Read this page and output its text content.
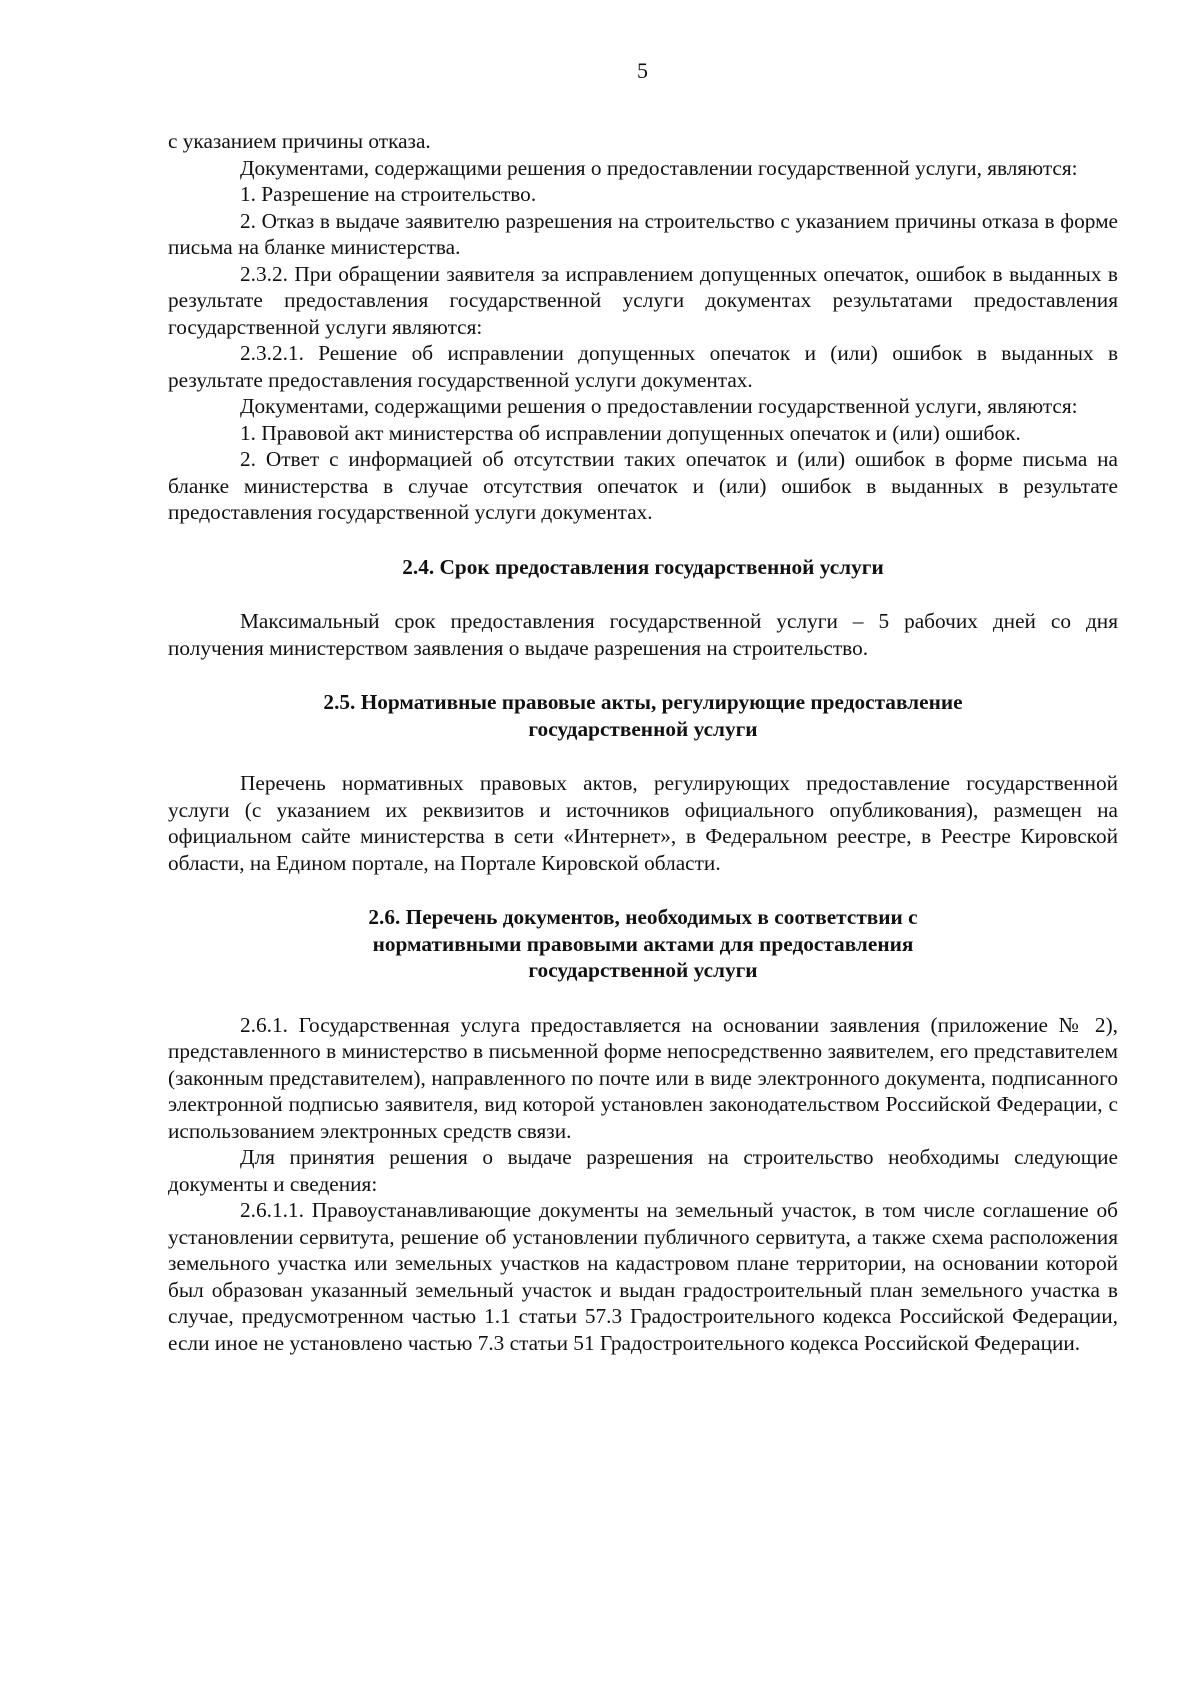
5

с указанием причины отказа.

Документами, содержащими решения о предоставлении государственной услуги, являются:

1. Разрешение на строительство.

2. Отказ в выдаче заявителю разрешения на строительство с указанием причины отказа в форме письма на бланке министерства.

2.3.2. При обращении заявителя за исправлением допущенных опечаток, ошибок в выданных в результате предоставления государственной услуги документах результатами предоставления государственной услуги являются:

2.3.2.1. Решение об исправлении допущенных опечаток и (или) ошибок в выданных в результате предоставления государственной услуги документах.

Документами, содержащими решения о предоставлении государственной услуги, являются:

1. Правовой акт министерства об исправлении допущенных опечаток и (или) ошибок.

2. Ответ с информацией об отсутствии таких опечаток и (или) ошибок в форме письма на бланке министерства в случае отсутствия опечаток и (или) ошибок в выданных в результате предоставления государственной услуги документах.

2.4. Срок предоставления государственной услуги

Максимальный срок предоставления государственной услуги – 5 рабочих дней со дня получения министерством заявления о выдаче разрешения на строительство.

2.5. Нормативные правовые акты, регулирующие предоставление государственной услуги

Перечень нормативных правовых актов, регулирующих предоставление государственной услуги (с указанием их реквизитов и источников официального опубликования), размещен на официальном сайте министерства в сети «Интернет», в Федеральном реестре, в Реестре Кировской области, на Едином портале, на Портале Кировской области.

2.6. Перечень документов, необходимых в соответствии с нормативными правовыми актами для предоставления государственной услуги

2.6.1. Государственная услуга предоставляется на основании заявления (приложение № 2), представленного в министерство в письменной форме непосредственно заявителем, его представителем (законным представителем), направленного по почте или в виде электронного документа, подписанного электронной подписью заявителя, вид которой установлен законодательством Российской Федерации, с использованием электронных средств связи.

Для принятия решения о выдаче разрешения на строительство необходимы следующие документы и сведения:

2.6.1.1. Правоустанавливающие документы на земельный участок, в том числе соглашение об установлении сервитута, решение об установлении публичного сервитута, а также схема расположения земельного участка или земельных участков на кадастровом плане территории, на основании которой был образован указанный земельный участок и выдан градостроительный план земельного участка в случае, предусмотренном частью 1.1 статьи 57.3 Градостроительного кодекса Российской Федерации, если иное не установлено частью 7.3 статьи 51 Градостроительного кодекса Российской Федерации.
